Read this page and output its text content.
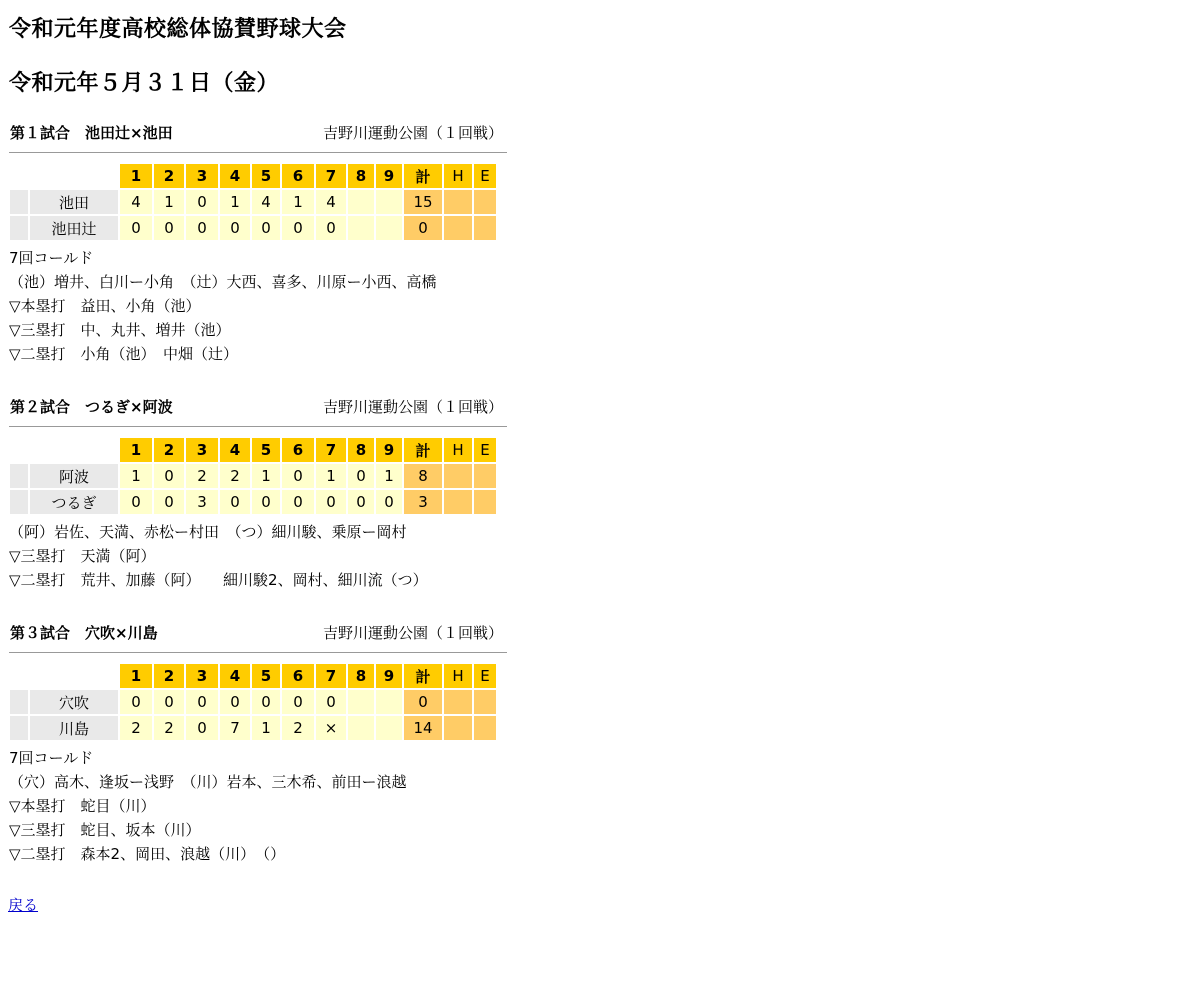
令和元年度高校総体協賛野球大会
令和元年５月３１日（金）
第１試合　池田辻×池田	吉野川運動公園（１回戦）
		1	2	3	4	5	6	7	8	9	計	H	E
	池田	4	1	0	1	4	1	4			15		
	池田辻	0	0	0	0	0	0	0			0		
7回コールド
（池）増井、白川ー小角　（辻）大西、喜多、川原ー小西、高橋
▽本塁打　益田、小角（池）
▽三塁打　中、丸井、増井（池）
▽二塁打　小角（池）　中畑（辻）
第２試合　つるぎ×阿波	吉野川運動公園（１回戦）
		1	2	3	4	5	6	7	8	9	計	H	E
	阿波	1	0	2	2	1	0	1	0	1	8		
	つるぎ	0	0	3	0	0	0	0	0	0	3		
（阿）岩佐、天満、赤松ー村田　（つ）細川駿、乗原ー岡村
▽三塁打　天満（阿）
▽二塁打　荒井、加藤（阿）　　細川駿2、岡村、細川流（つ）
第３試合　穴吹×川島	吉野川運動公園（１回戦）
		1	2	3	4	5	6	7	8	9	計	H	E
	穴吹	0	0	0	0	0	0	0			0		
	川島	2	2	0	7	1	2	×			14		
7回コールド
（穴）高木、逢坂ー浅野　（川）岩本、三木希、前田ー浪越
▽本塁打　蛇目（川）
▽三塁打　蛇目、坂本（川）
▽二塁打　森本2、岡田、浪越（川）　（）
戻る
